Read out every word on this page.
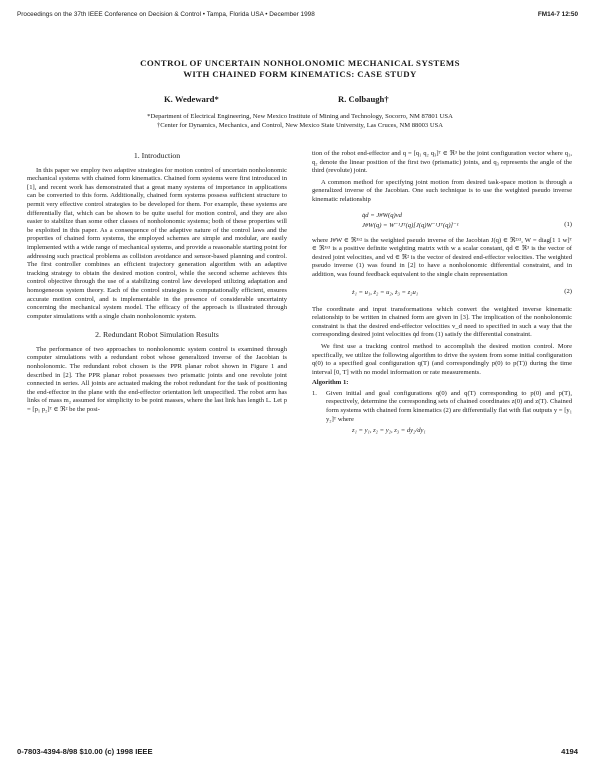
Proceedings on the 37th IEEE Conference on Decision & Control • Tampa, Florida USA • December 1998	FM14-7 12:50
CONTROL OF UNCERTAIN NONHOLONOMIC MECHANICAL SYSTEMS
WITH CHAINED FORM KINEMATICS: CASE STUDY
K. Wedeward*	R. Colbaugh†
*Department of Electrical Engineering, New Mexico Institute of Mining and Technology, Socorro, NM 87801 USA
†Center for Dynamics, Mechanics, and Control, New Mexico State University, Las Cruces, NM 88003 USA
1. Introduction

In this paper we employ two adaptive strategies for motion control of uncertain nonholonomic mechanical systems with chained form kinematics. Chained form systems were first introduced in [1], and recent work has demonstrated that a great many systems of importance in applications can be converted to this form. Additionally, chained form systems possess sufficient structure to permit very effective control strategies to be developed for them. For example, these systems are differentially flat, which can be shown to be quite useful for motion control, and they are also easier to stabilize than some other classes of nonholonomic systems; both of these properties will be exploited in this paper. As a consequence of the adaptive nature of the control laws and the properties of chained form systems, the employed schemes are simple and modular, are easily implemented with a wide range of mechanical systems, and provide a reasonable starting point for addressing such practical problems as collision avoidance and sensor-based planning and control. The first controller combines an efficient trajectory generation algorithm with an adaptive tracking strategy to obtain the desired motion control, while the second scheme achieves this control objective through the use of a stabilizing control law developed utilizing adaptation and homogeneous system theory. Each of the control strategies is computationally efficient, ensures accurate motion control, and is implementable in the presence of considerable uncertainty concerning the mechanical system model. The efficacy of the approach is illustrated through computer simulations with a single chain nonholonomic system.

2. Redundant Robot Simulation Results

The performance of two approaches to nonholonomic system control is examined through computer simulations with a redundant robot whose generalized inverse of the Jacobian is nonholonomic. The redundant robot chosen is the PPR planar robot shown in Figure 1 and described in [2]. The PPR planar robot possesses two prismatic joints and one revolute joint connected in series. All joints are actuated making the robot redundant for the task of positioning the end-effector in the plane with the end-effector orientation left unspecified. The robot arm has links of mass m₂ assumed for simplicity to be point masses, where the last link has length L. Let p = [p₁ p₂]ᵀ ∈ ℜ² be the posi-

tion of the robot end-effector and q = [q₁ q₂ q₃]ᵀ ∈ ℜ³ be the joint configuration vector where q₁, q₂ denote the linear position of the first two (prismatic) joints, and q₃ represents the angle of the third (revolute) joint.

A common method for specifying joint motion from desired task-space motion is through a generalized inverse of the Jacobian. One such technique is to use the weighted pseudo inverse kinematic relationship

q̇d = J#W(q)vd
J#W(q) = W⁻¹Jᵀ(q)[J(q)W⁻¹Jᵀ(q)]⁻¹	(1)

where J#W ∈ ℜ³ˣ² is the weighted pseudo inverse of the Jacobian J(q) ∈ ℜ²ˣ³, W = diag[1 1 w]ᵀ ∈ ℜ³ˣ³ is a positive definite weighting matrix with w a scalar constant, q̇d ∈ ℜ³ is the vector of desired joint velocities, and vd ∈ ℜ² is the vector of desired end-effector velocities. The weighted pseudo inverse (1) was found in [2] to have a nonholonomic differential constraint, and in addition, was found feedback equivalent to the single chain representation

ż₁ = u₁, ż₂ = u₂, ż₃ = z₂u₁	(2)

The coordinate and input transformations which convert the weighted inverse kinematic relationship to be written in chained form are given in [3]. The implication of the nonholonomic constraint is that the desired end-effector velocities v_d need to specified in such a way that the corresponding desired joint velocities q̇d from (1) satisfy the differential constraint.

We first use a tracking control method to accomplish the desired motion control. More specifically, we utilize the following algorithm to drive the system from some initial configuration q(0) to a specified goal configuration q(T) (and correspondingly p(0) to p(T)) during the time interval [0, T] with no model information or rate measurements.

Algorithm 1:
1.	Given initial and goal configurations q(0) and q(T) corresponding to p(0) and p(T), respectively, determine the corresponding sets of chained coordinates z(0) and z(T). Chained form systems with chained form kinematics (2) are differentially flat with flat outputs y = [y₁ y₂]ᵀ where
z₁ = y₁, z₂ = y₂, z₃ = dy₂/dy₁
0-7803-4394-8/98 $10.00 (c) 1998 IEEE	4194
